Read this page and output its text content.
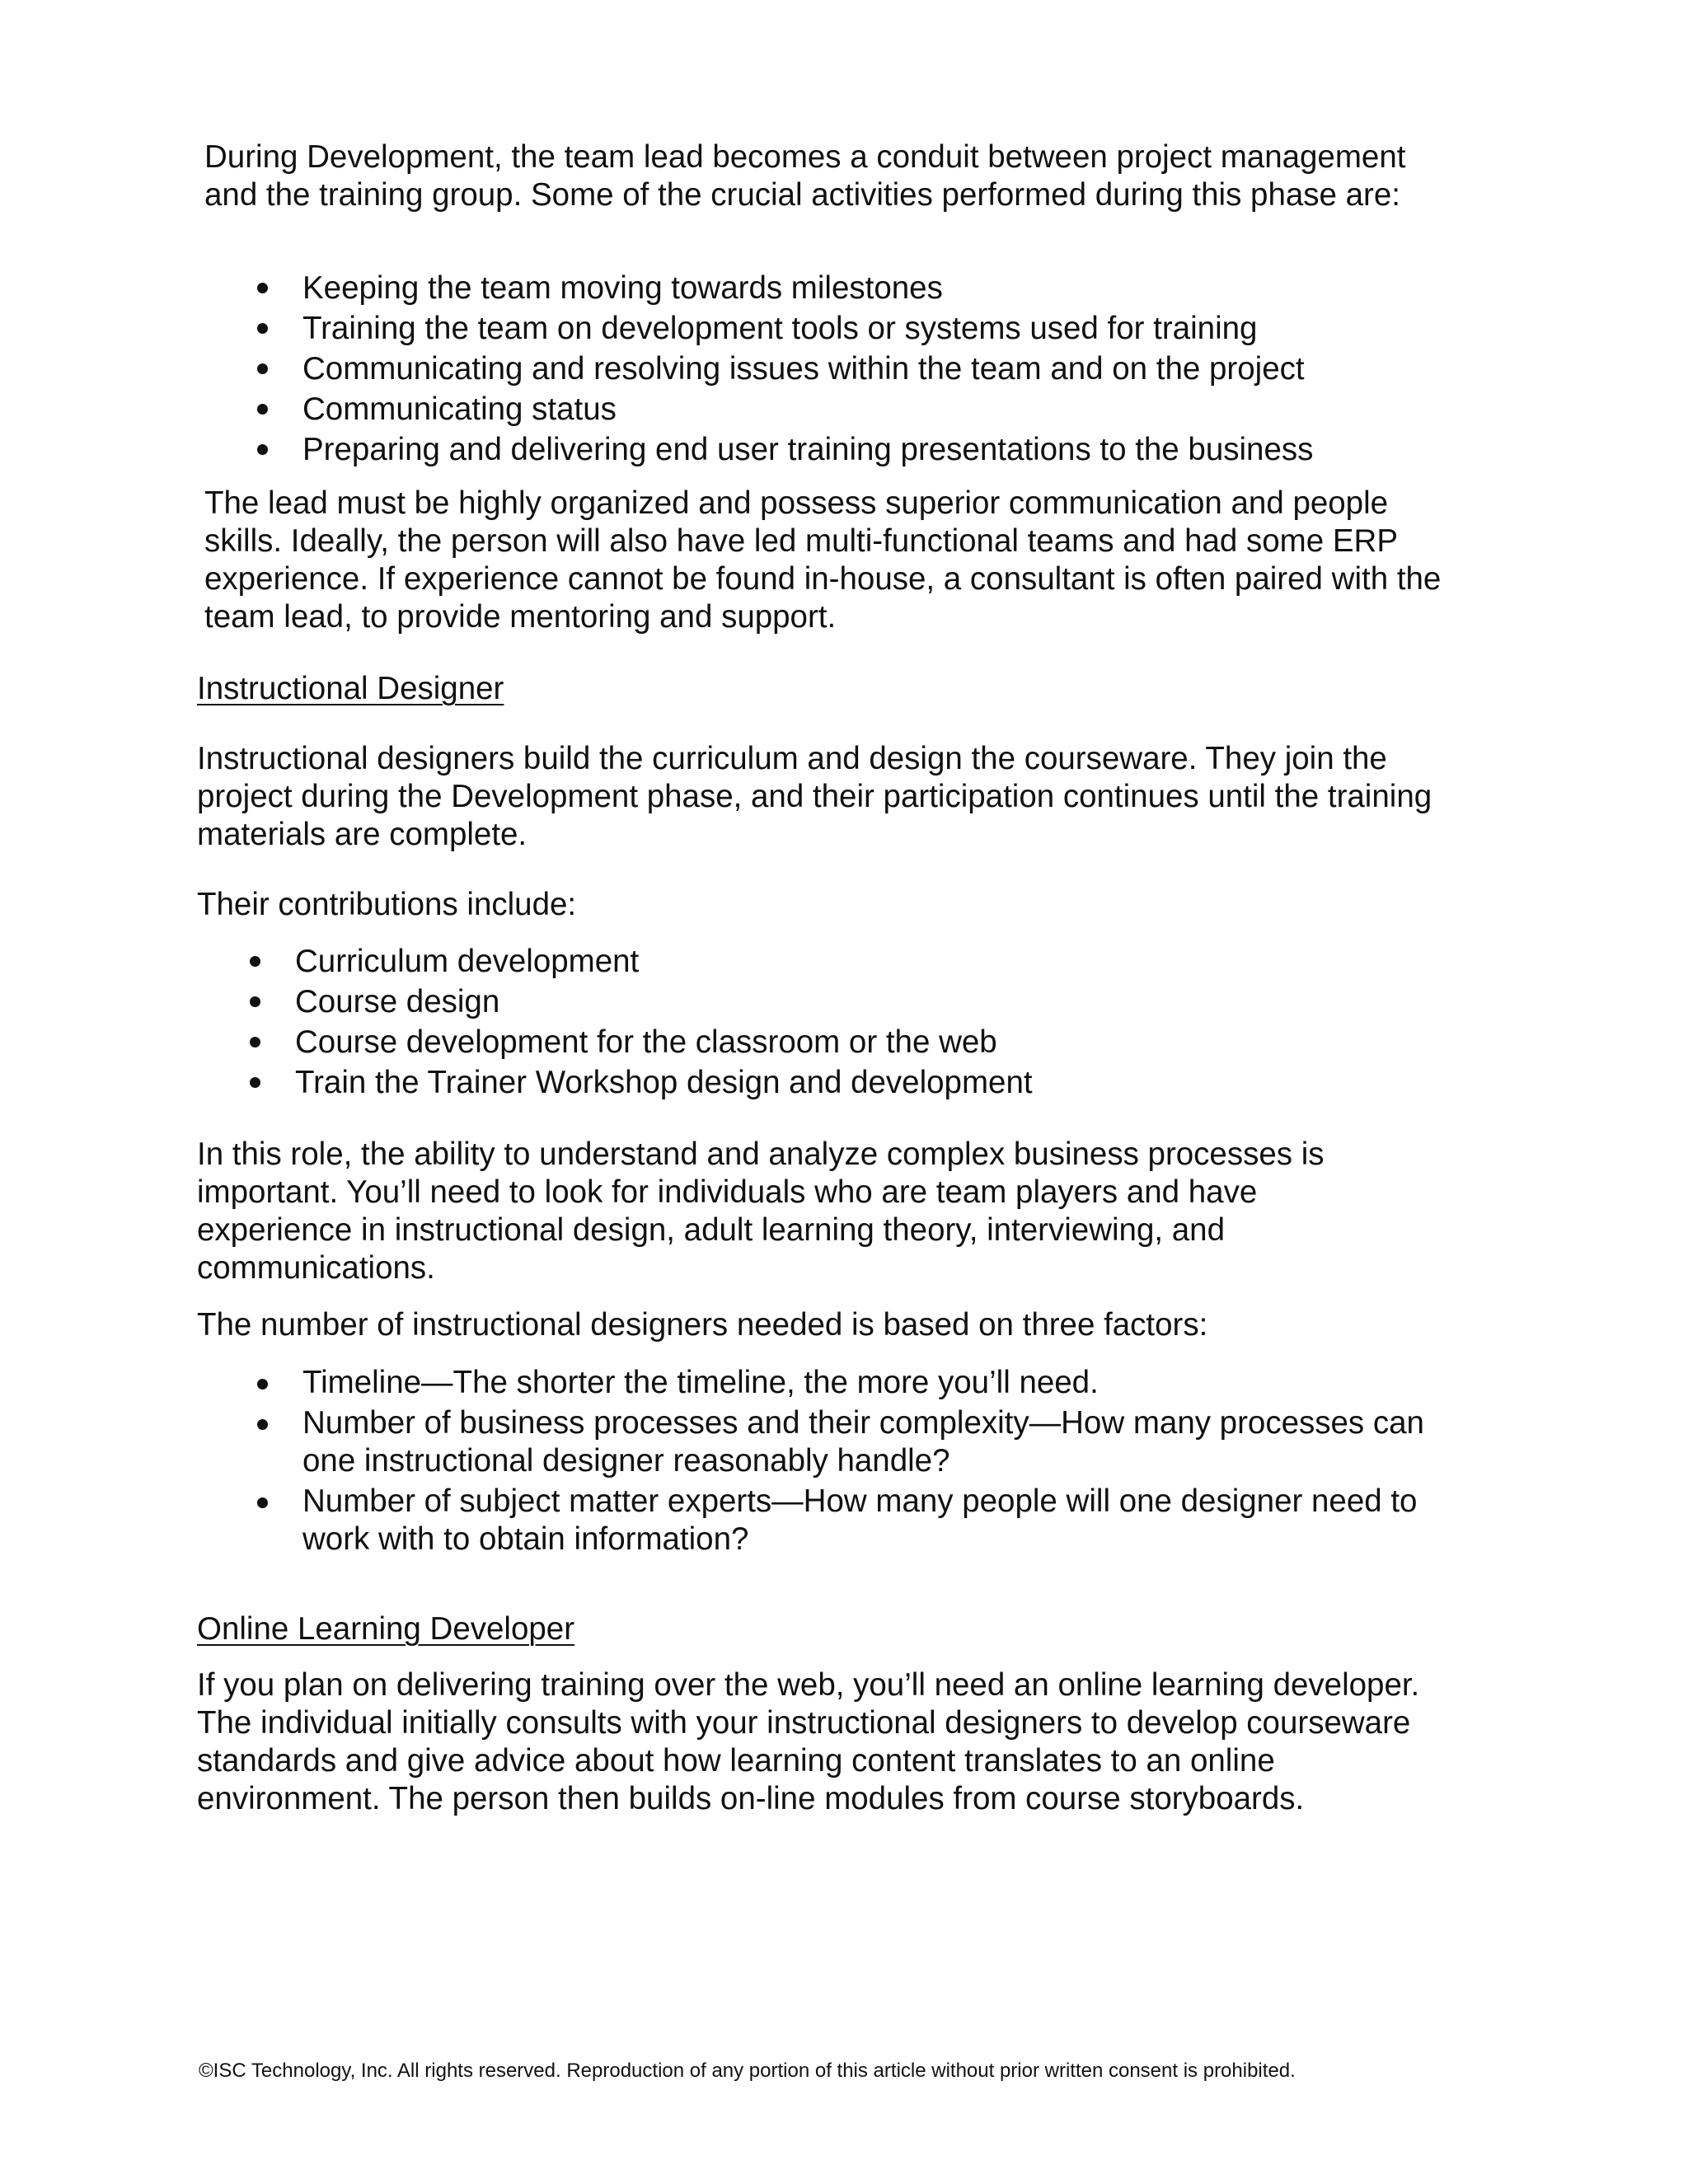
During Development, the team lead becomes a conduit between project management and the training group. Some of the crucial activities performed during this phase are:

Keeping the team moving towards milestones
Training the team on development tools or systems used for training
Communicating and resolving issues within the team and on the project
Communicating status
Preparing and delivering end user training presentations to the business

The lead must be highly organized and possess superior communication and people skills. Ideally, the person will also have led multi-functional teams and had some ERP experience. If experience cannot be found in-house, a consultant is often paired with the team lead, to provide mentoring and support.

Instructional Designer

Instructional designers build the curriculum and design the courseware. They join the project during the Development phase, and their participation continues until the training materials are complete.

Their contributions include:

Curriculum development
Course design
Course development for the classroom or the web
Train the Trainer Workshop design and development

In this role, the ability to understand and analyze complex business processes is important. You’ll need to look for individuals who are team players and have experience in instructional design, adult learning theory, interviewing, and communications.

The number of instructional designers needed is based on three factors:

Timeline—The shorter the timeline, the more you’ll need.
Number of business processes and their complexity—How many processes can one instructional designer reasonably handle?
Number of subject matter experts—How many people will one designer need to work with to obtain information?

Online Learning Developer

If you plan on delivering training over the web, you’ll need an online learning developer. The individual initially consults with your instructional designers to develop courseware standards and give advice about how learning content translates to an online environment. The person then builds on-line modules from course storyboards.

©ISC Technology, Inc. All rights reserved. Reproduction of any portion of this article without prior written consent is prohibited.
